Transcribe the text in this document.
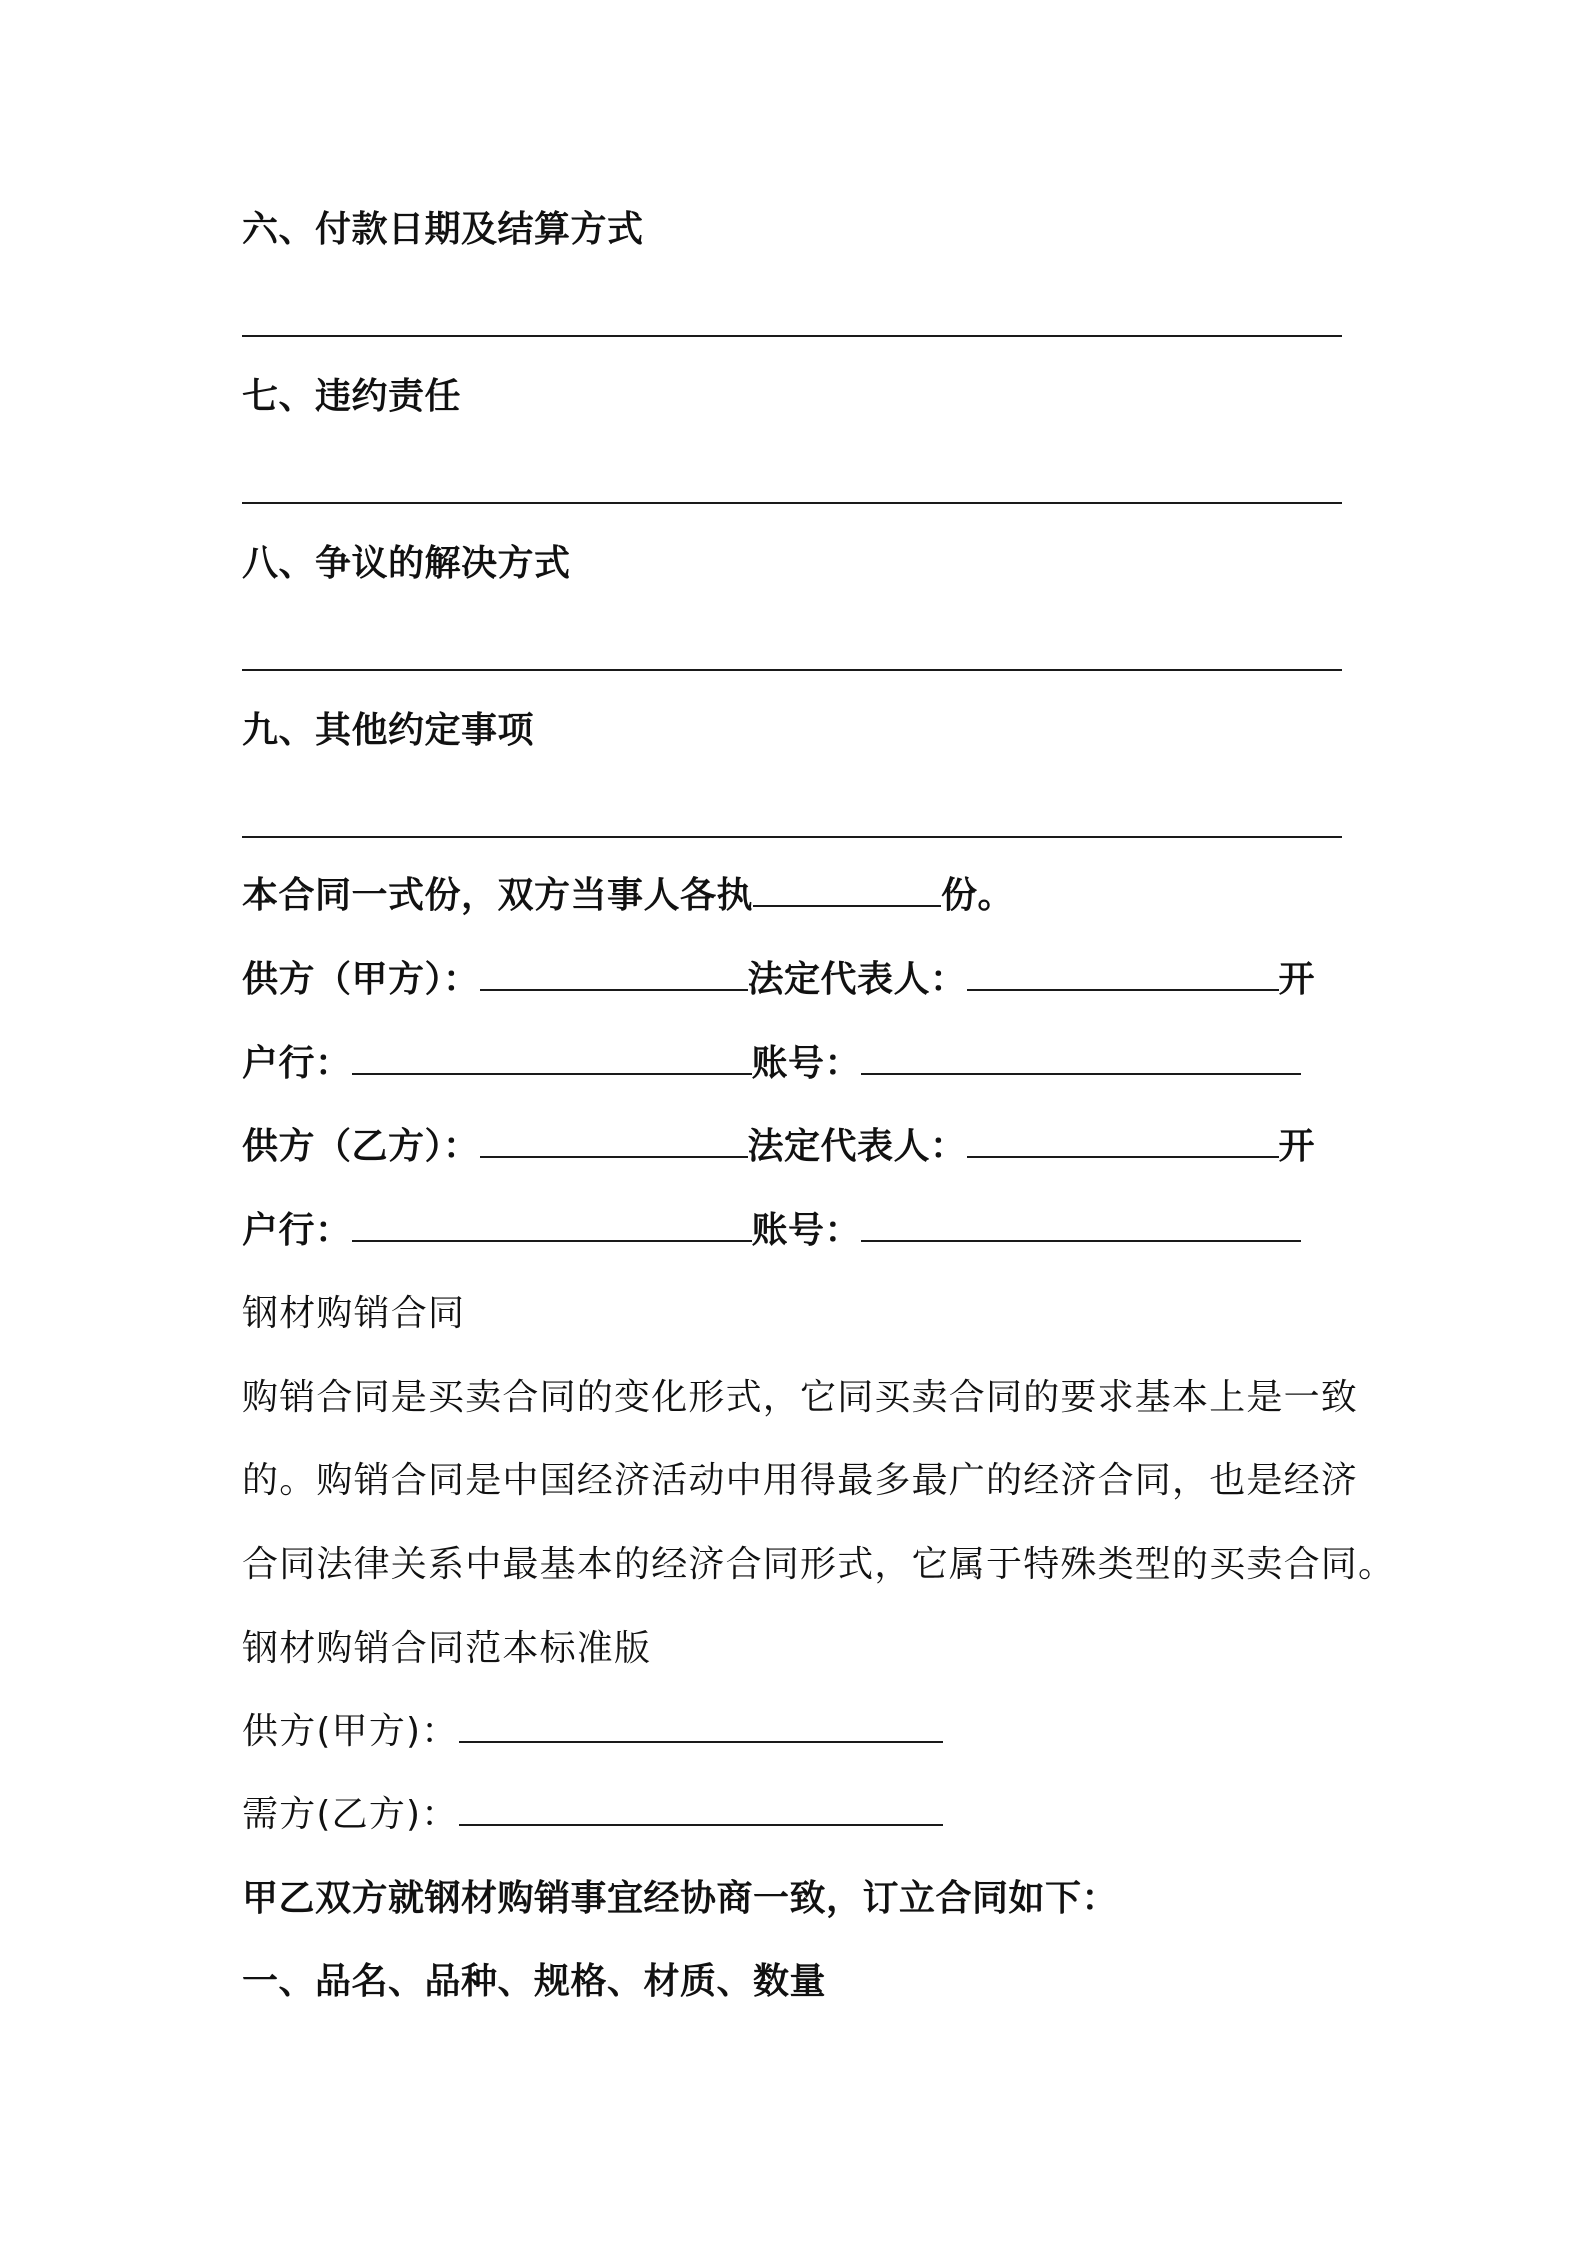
六、付款日期及结算方式
七、违约责任
八、争议的解决方式
九、其他约定事项
本合同一式份，双方当事人各执	份。
供方（甲方）：	法定代表人：	开
户行：	账号：
供方（乙方）：	法定代表人：	开
户行：	账号：
钢材购销合同
购销合同是买卖合同的变化形式，它同买卖合同的要求基本上是一致
的。购销合同是中国经济活动中用得最多最广的经济合同，也是经济
合同法律关系中最基本的经济合同形式，它属于特殊类型的买卖合同。
钢材购销合同范本标准版
供方(甲方)：
需方(乙方)：
甲乙双方就钢材购销事宜经协商一致，订立合同如下：
一、品名、品种、规格、材质、数量
